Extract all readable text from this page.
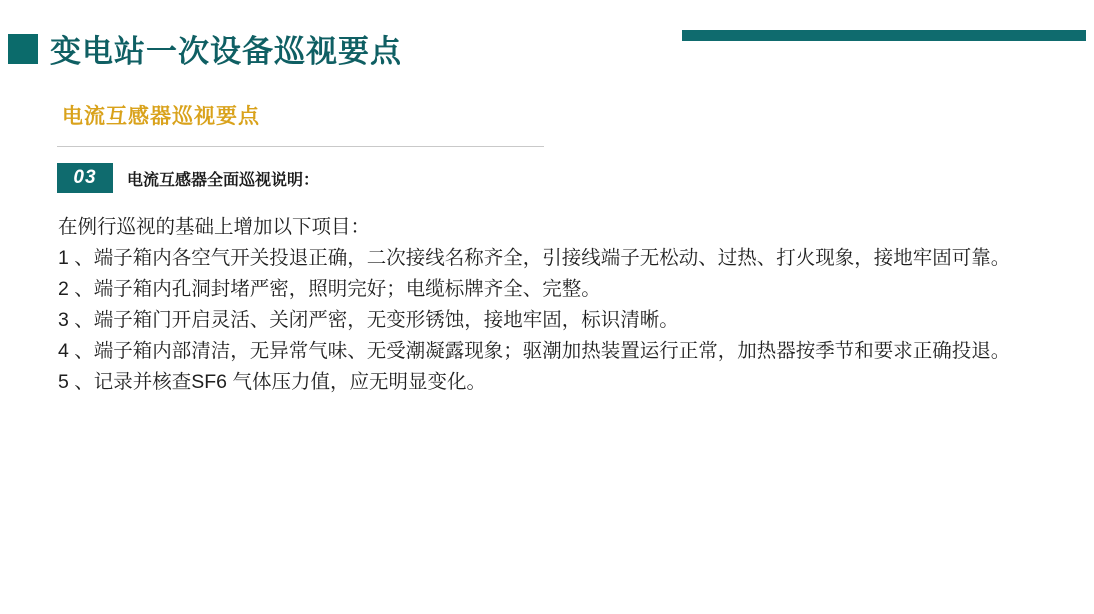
变电站一次设备巡视要点
电流互感器巡视要点
03	电流互感器全面巡视说明：

在例行巡视的基础上增加以下项目：

1 、端子箱内各空气开关投退正确，二次接线名称齐全，引接线端子无松动、过热、打火现象，接地牢固可靠。

2 、端子箱内孔洞封堵严密，照明完好；电缆标牌齐全、完整。

3 、端子箱门开启灵活、关闭严密，无变形锈蚀，接地牢固，标识清晰。

4 、端子箱内部清洁，无异常气味、无受潮凝露现象；驱潮加热装置运行正常，加热器按季节和要求正确投退。

5 、记录并核查SF6 气体压力值，应无明显变化。
